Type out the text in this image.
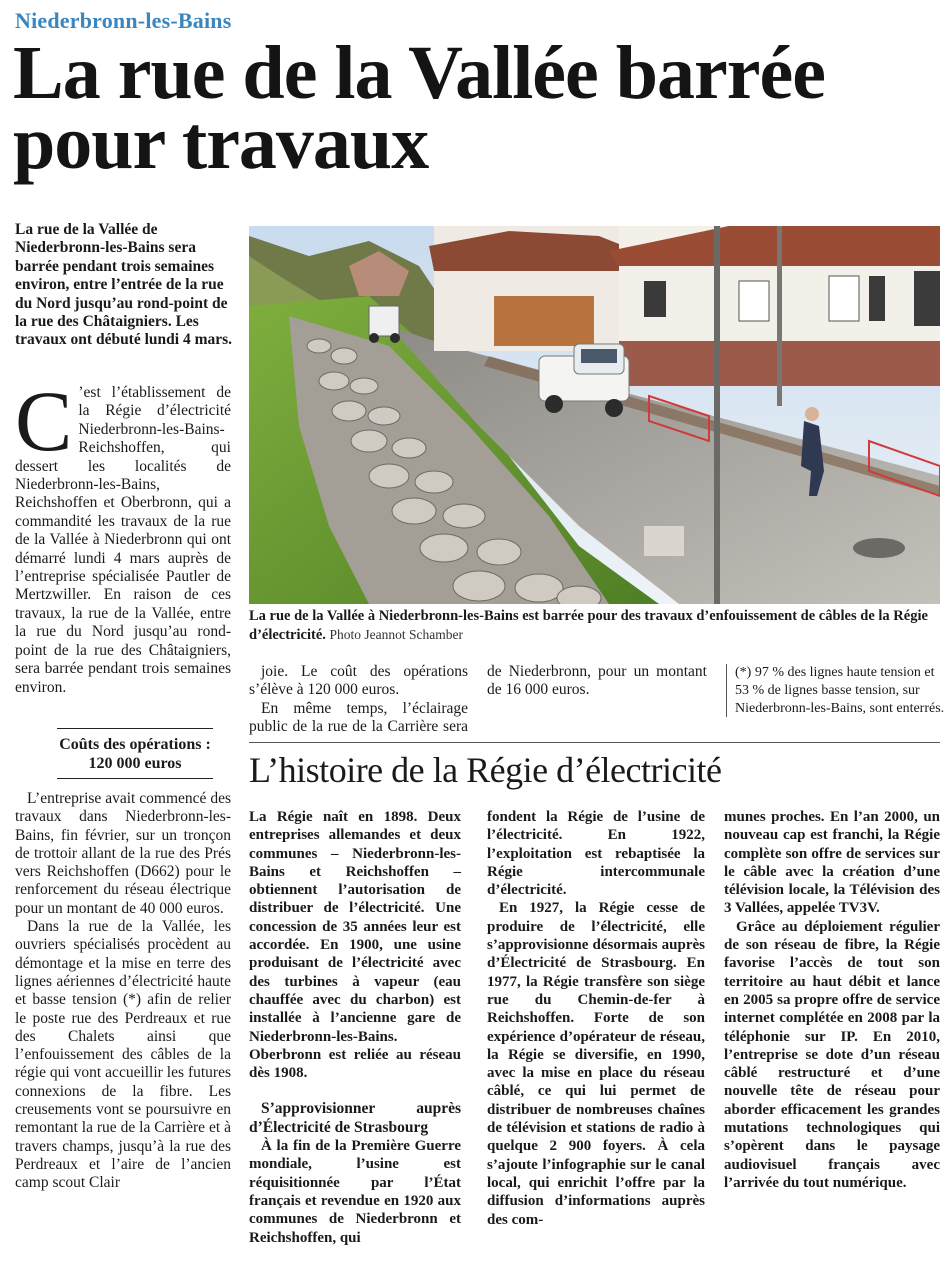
Niederbronn-les-Bains
La rue de la Vallée barrée pour travaux
La rue de la Vallée de Niederbronn-les-Bains sera barrée pendant trois semaines environ, entre l’entrée de la rue du Nord jusqu’au rond-point de la rue des Châtaigniers. Les travaux ont débuté lundi 4 mars.
C ’est l’établissement de la Régie d’électricité Niederbronn-les-Bains-Reichshoffen, qui dessert les localités de Niederbronn-les-Bains, Reichshoffen et Oberbronn, qui a commandité les travaux de la rue de la Vallée à Niederbronn qui ont démarré lundi 4 mars auprès de l’entreprise spécialisée Pautler de Mertzwiller. En raison de ces travaux, la rue de la Vallée, entre la rue du Nord jusqu’au rond-point de la rue des Châtaigniers, sera barrée pendant trois semaines environ.
Coûts des opérations : 120 000 euros

L’entreprise avait commencé des travaux dans Niederbronn-les-Bains, fin février, sur un tronçon de trottoir allant de la rue des Prés vers Reichshoffen (D662) pour le renforcement du réseau électrique pour un montant de 40 000 euros.

Dans la rue de la Vallée, les ouvriers spécialisés procèdent au démontage et la mise en terre des lignes aériennes d’électricité haute et basse tension (*) afin de relier le poste rue des Perdreaux et rue des Chalets ainsi que l’enfouissement des câbles de la régie qui vont accueillir les futures connexions de la fibre. Les creusements vont se poursuivre en remontant la rue de la Carrière et à travers champs, jusqu’à la rue des Perdreaux et l’aire de l’ancien camp scout Clair

La rue de la Vallée à Niederbronn-les-Bains est barrée pour des travaux d’enfouissement de câbles de la Régie d’électricité. Photo Jeannot Schamber

joie. Le coût des opérations s’élève à 120 000 euros.

En même temps, l’éclairage public de la rue de la Carrière sera
de Niederbronn, pour un montant de 16 000 euros.
(*) 97 % des lignes haute tension et 53 % de lignes basse tension, sur Niederbronn-les-Bains, sont enterrés.
L’histoire de la Régie d’électricité

La Régie naît en 1898. Deux entreprises allemandes et deux communes – Niederbronn-les-Bains et Reichshoffen – obtiennent l’autorisation de distribuer de l’électricité. Une concession de 35 années leur est accordée. En 1900, une usine produisant de l’électricité avec des turbines à vapeur (eau chauffée avec du charbon) est installée à l’ancienne gare de Niederbronn-les-Bains. Oberbronn est reliée au réseau dès 1908.

S’approvisionner auprès d’Électricité de Strasbourg

À la fin de la Première Guerre mondiale, l’usine est réquisitionnée par l’État français et revendue en 1920 aux communes de Niederbronn et Reichshoffen, qui

fondent la Régie de l’usine de l’électricité. En 1922, l’exploitation est rebaptisée la Régie intercommunale d’électricité.

En 1927, la Régie cesse de produire de l’électricité, elle s’approvisionne désormais auprès d’Électricité de Strasbourg. En 1977, la Régie transfère son siège rue du Chemin-de-fer à Reichshoffen. Forte de son expérience d’opérateur de réseau, la Régie se diversifie, en 1990, avec la mise en place du réseau câblé, ce qui lui permet de distribuer de nombreuses chaînes de télévision et stations de radio à quelque 2 900 foyers. À cela s’ajoute l’infographie sur le canal local, qui enrichit l’offre par la diffusion d’informations auprès des com-

munes proches. En l’an 2000, un nouveau cap est franchi, la Régie complète son offre de services sur le câble avec la création d’une télévision locale, la Télévision des 3 Vallées, appelée TV3V.

Grâce au déploiement régulier de son réseau de fibre, la Régie favorise l’accès de tout son territoire au haut débit et lance en 2005 sa propre offre de service internet complétée en 2008 par la téléphonie sur IP. En 2010, l’entreprise se dote d’un réseau câblé restructuré et d’une nouvelle tête de réseau pour aborder efficacement les grandes mutations technologiques qui s’opèrent dans le paysage audiovisuel français avec l’arrivée du tout numérique.
